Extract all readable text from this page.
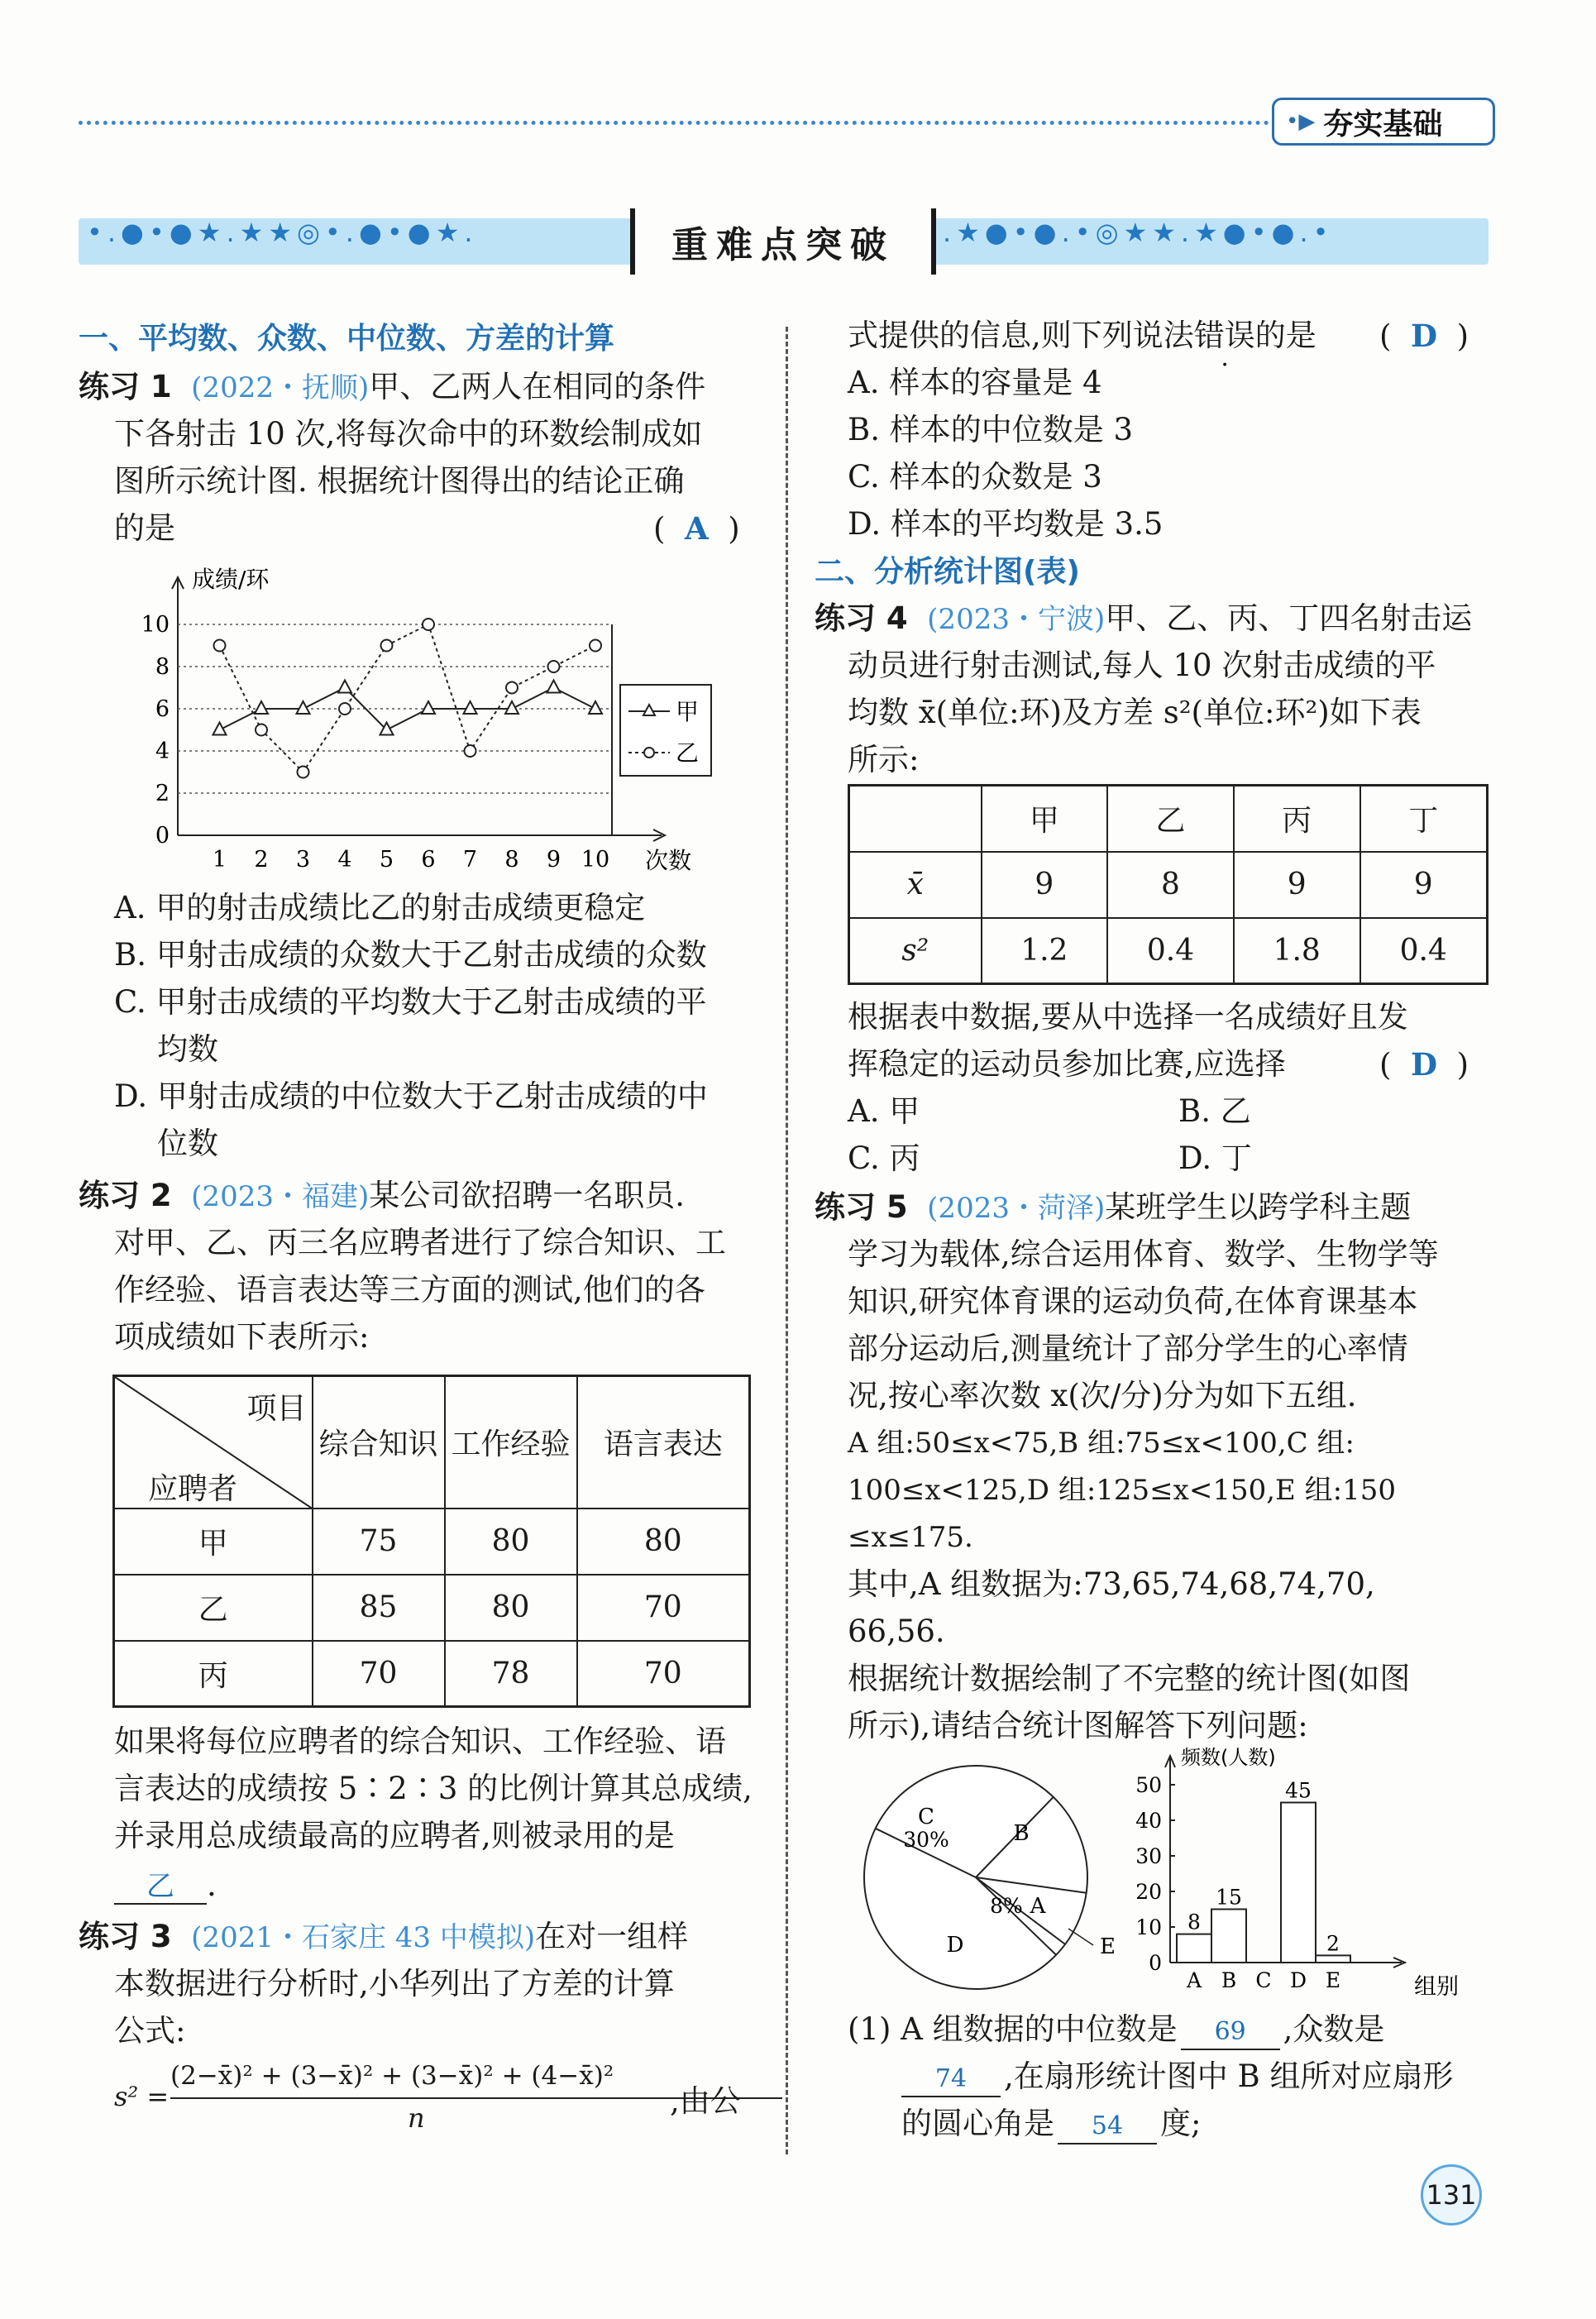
•▶ 夯实基础
•.●•●★.★★◎•.●•●★.	.★●•●.•◎★★.★●•●.•
重难点突破
一、平均数、众数、中位数、方差的计算
练习 1 (2022・抚顺)甲、乙两人在相同的条件
下各射击 10 次,将每次命中的环数绘制成如
图所示统计图. 根据统计图得出的结论正确
的是	(  A  )
成绩/环
0
2
4
6
8
10
1 2 3 4 5 6 7 8 9 10 次数
甲
乙
A. 甲的射击成绩比乙的射击成绩更稳定
B. 甲射击成绩的众数大于乙射击成绩的众数
C. 甲射击成绩的平均数大于乙射击成绩的平
均数
D. 甲射击成绩的中位数大于乙射击成绩的中
位数
练习 2 (2023・福建)某公司欲招聘一名职员.
对甲、乙、丙三名应聘者进行了综合知识、工
作经验、语言表达等三方面的测试,他们的各
项成绩如下表所示:
项目
应聘者	综合知识	工作经验	语言表达
甲	75	80	80
乙	85	80	70
丙	70	78	70
如果将每位应聘者的综合知识、工作经验、语
言表达的成绩按 5∶2∶3 的比例计算其总成绩,
并录用总成绩最高的应聘者,则被录用的是
乙 .
练习 3 (2021・石家庄 43 中模拟)在对一组样
本数据进行分析时,小华列出了方差的计算
公式:
s² =
(2−x̄)² + (3−x̄)² + (3−x̄)² + (4−x̄)²
n	,由公
式提供的信息,则下列说法错误的是 (  D  )
A. 样本的容量是 4
B. 样本的中位数是 3
C. 样本的众数是 3
D. 样本的平均数是 3.5
二、分析统计图(表)
练习 4 (2023・宁波)甲、乙、丙、丁四名射击运
动员进行射击测试,每人 10 次射击成绩的平
均数 x̄(单位:环)及方差 s²(单位:环²)如下表
所示:
	甲	乙	丙	丁
x̄	9	8	9	9
s²	1.2	0.4	1.8	0.4
根据表中数据,要从中选择一名成绩好且发
挥稳定的运动员参加比赛,应选择	(  D  )
A. 甲	B. 乙
C. 丙	D. 丁
练习 5 (2023・菏泽)某班学生以跨学科主题
学习为载体,综合运用体育、数学、生物学等
知识,研究体育课的运动负荷,在体育课基本
部分运动后,测量统计了部分学生的心率情
况,按心率次数 x(次/分)分为如下五组.
A 组:50≤x<75,B 组:75≤x<100,C 组:
100≤x<125,D 组:125≤x<150,E 组:150
≤x≤175.
其中,A 组数据为:73,65,74,68,74,70,
66,56.
根据统计数据绘制了不完整的统计图(如图
所示),请结合统计图解答下列问题:
C
30%	B
A
8%
D	E
频数(人数)
0
10
20
30
40
50
A
8
B
15
C D
45
E
2
组别
(1) A 组数据的中位数是 69 ,众数是
74 ,在扇形统计图中 B 组所对应扇形
的圆心角是 54 度;
131
